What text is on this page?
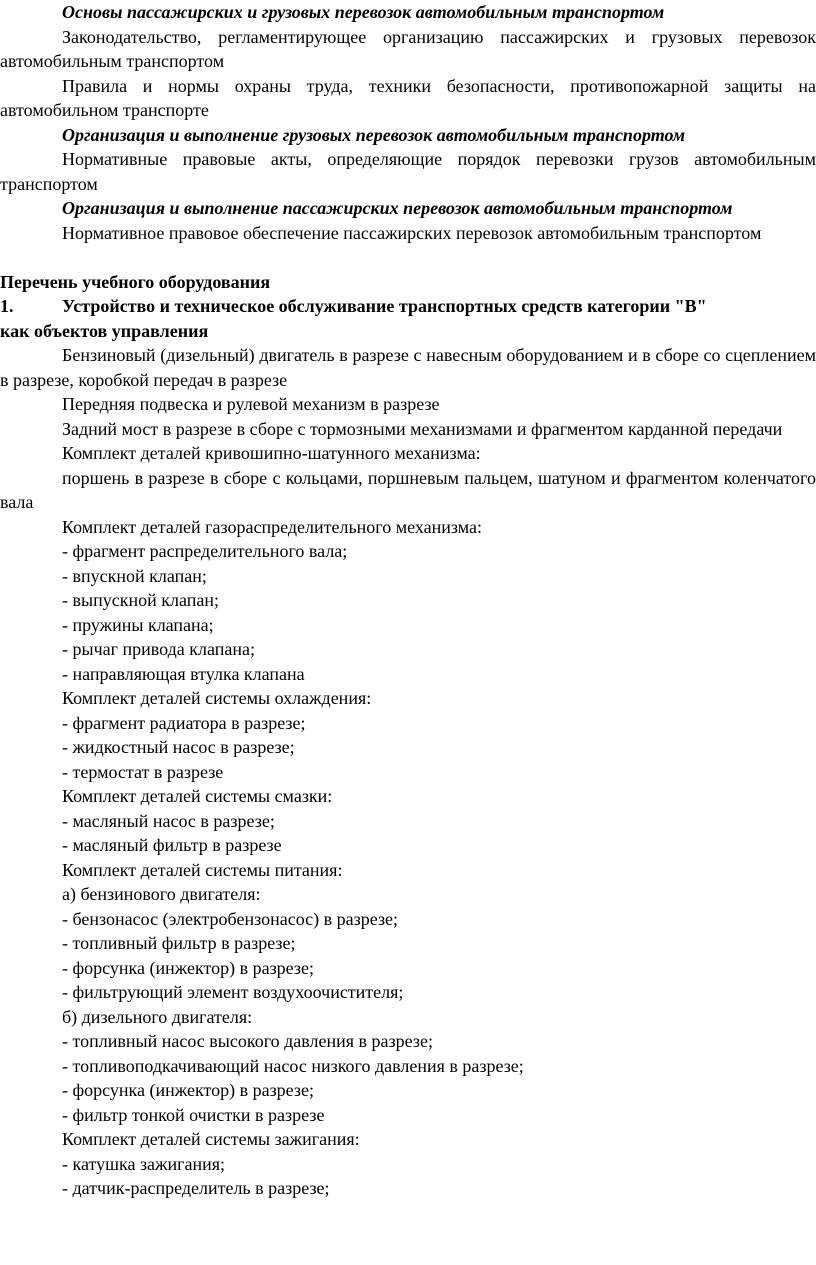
Основы пассажирских и грузовых перевозок автомобильным транспортом

Законодательство, регламентирующее организацию пассажирских и грузовых перевозок автомобильным транспортом

Правила и нормы охраны труда, техники безопасности, противопожарной защиты на автомобильном транспорте

Организация и выполнение грузовых перевозок автомобильным транспортом

Нормативные правовые акты, определяющие порядок перевозки грузов автомобильным транспортом

Организация и выполнение пассажирских перевозок автомобильным транспортом

Нормативное правовое обеспечение пассажирских перевозок автомобильным транспортом

Перечень учебного оборудования

1.	Устройство и техническое обслуживание транспортных средств категории "B"

как объектов управления

Бензиновый (дизельный) двигатель в разрезе с навесным оборудованием и в сборе со сцеплением в разрезе, коробкой передач в разрезе

Передняя подвеска и рулевой механизм в разрезе

Задний мост в разрезе в сборе с тормозными механизмами и фрагментом карданной передачи

Комплект деталей кривошипно-шатунного механизма:

поршень в разрезе в сборе с кольцами, поршневым пальцем, шатуном и фрагментом коленчатого вала

Комплект деталей газораспределительного механизма:

- фрагмент распределительного вала;

- впускной клапан;

- выпускной клапан;

- пружины клапана;

- рычаг привода клапана;

- направляющая втулка клапана

Комплект деталей системы охлаждения:

- фрагмент радиатора в разрезе;

- жидкостный насос в разрезе;

- термостат в разрезе

Комплект деталей системы смазки:

- масляный насос в разрезе;

- масляный фильтр в разрезе

Комплект деталей системы питания:

а) бензинового двигателя:

- бензонасос (электробензонасос) в разрезе;

- топливный фильтр в разрезе;

- форсунка (инжектор) в разрезе;

- фильтрующий элемент воздухоочистителя;

б) дизельного двигателя:

- топливный насос высокого давления в разрезе;

- топливоподкачивающий насос низкого давления в разрезе;

- форсунка (инжектор) в разрезе;

- фильтр тонкой очистки в разрезе

Комплект деталей системы зажигания:

- катушка зажигания;

- датчик-распределитель в разрезе;
